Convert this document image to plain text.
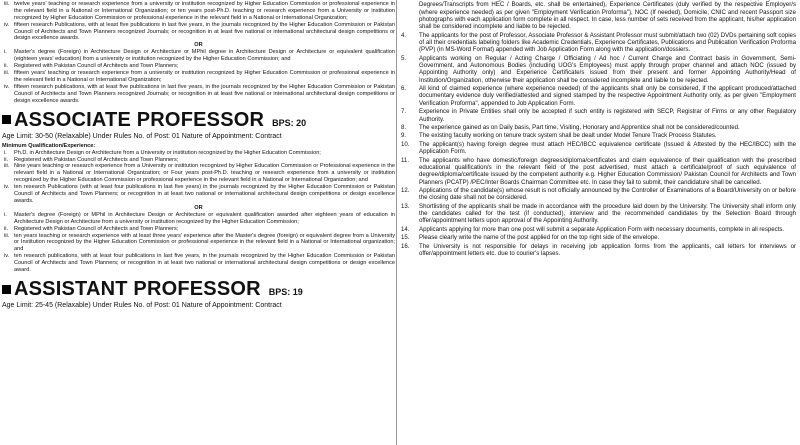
iii. twelve years' teaching or research experience from a university or institution recognized by Higher Education Commission or professional experience in the relevant field in a National or International Organization; or ten years post-Ph.D. teaching or research experience from a University or institution recognized by Higher Education Commission or professional experience in the relevant field in a National or International Organization;
iv. fifteen research Publications, with at least five publications in last five years, in the journals recognized by the Higher Education Commission or Pakistan Council of Architects and Town Planners recognized Journals; or recognition in at least five national or international architectural design competitions or design excellence awards.
OR
i. Master's degree (Foreign) in Architecture Design or Architecture or MPhil degree in Architecture Design or Architecture or equivalent qualification (eighteen years' education) from a university or institution recognized by the Higher Education Commission; and
ii. Registered with Pakistan Council of Architects and Town Planners;
iii. fifteen years' teaching or research experience from a university or institution recognized by Higher Education Commission or professional experience in the relevant field in a National or International Organization;
iv. fifteen research publications, with at least five publications in last five years, in the journals recognized by the Higher Education Commission or Pakistan Council of Architects and Town Planners recognized Journals; or recognition in at least five national or international architectural design competitions or design excellence awards.
ASSOCIATE PROFESSOR BPS: 20
Age Limit: 30-50 (Relaxable) Under Rules No. of Post: 01 Nature of Appointment: Contract
Minimum Qualification/Experience:
i. Ph.D. in Architecture Design or Architecture from a University or institution recognized by the Higher Education Commission;
ii. Registered with Pakistan Council of Architects and Town Planners;
iii. Nine years teaching or research experience from a University or institution recognized by Higher Education Commission or Professional experience in the relevant field in a National or International Organization; or Four years post-Ph.D. teaching or research experience from a university or institution recognized by the Higher Education Commission or professional experience in the relevant field in a National or International Organization; and
iv. ten research Publications (with at least four publications in last five years) in the journals recognized by the Higher Education Commission or Pakistan Council of Architects and Town Planners; or recognition in at least two national or international architectural design competitions or design excellence awards.
OR
i. Master's degree (Foreign) or MPhil in Architecture Design or Architecture or equivalent qualification awarded after eighteen years of education in Architecture Design or Architecture from a university or institution recognized by the Higher Education Commission;
ii. Registered with Pakistan Council of Architects and Town Planners;
iii. ten years teaching or research experience with at least three years' experience after the Master's degree (foreign) or equivalent degree from a University or Institution recognized by the Higher Education Commission or professional experience in the relevant field in a National or International organization; and
iv. ten research publications, with at least four publications in last five years, in the journals recognized by the Higher Education Commission or Pakistan Council of Architects and Town Planners; or recognition in at least two national or international architectural design competitions or design excellence award.
ASSISTANT PROFESSOR BPS: 19
Age Limit: 25-45 (Relaxable) Under Rules No. of Post: 01 Nature of Appointment: Contract
Degrees/Transcripts from HEC / Boards, etc. shall be entertained), Experience Certificates (duly verified by the respective Employer/s (where experience needed) as per given "Employment Verification Proforma"), NOC (If needed), Domicile, CNIC and recent Passport size photographs with each application form complete in all respect. In case, less number of sets received from the applicant, his/her application shall be considered incomplete and liable to be rejected.
4. The applicants for the post of Professor, Associate Professor & Assistant Professor must submit/attach two (02) DVDs pertaining soft copies of all their credentials labeling folders like Academic Credentials, Experience Certificates, Publications and Publication Verification Proforma (PVP) (in MS-Word Format) appended with Job Application Form along with the application/dossiers.
5. Applicants working on Regular / Acting Charge / Officiating / Ad hoc / Current Charge and Contract basis in Government, Semi-Government, and Autonomous Bodies (including UOG's Employees) must apply through proper channel and attach NOC (issued by Appointing Authority only) and Experience Certificate/s issued from their present and former Appointing Authority/Head of Institution/Organization, otherwise their application shall be considered incomplete and liable to be rejected.
6. All kind of claimed experience (where experience needed) of the applicants shall only be considered, if the applicant produced/attached documentary evidence duly verified/attested and signed stamped by the respective Appointment Authority only, as per given "Employment Verification Proforma", appended to Job Application Form.
7. Experience in Private Entities shall only be accepted if such entity is registered with SECP, Registrar of Firms or any other Regulatory Authority.
8. The experience gained as on Daily basis, Part time, Visiting, Honorary and Apprentice shall not be considered/counted.
9. The existing faculty working on tenure track system shall be dealt under Model Tenure Track Process Statutes.
10. The applicant(s) having foreign degree must attach HEC/IBCC equivalence certificate (Issued & Attested by the HEC/IBCC) with the Application Form.
11. The applicants who have domestic/foreign degrees/diploma/certificates and claim equivalence of their qualification with the prescribed educational qualification/s in the relevant field of the post advertised, must attach a certificate/proof of such equivalence of degree/diploma/certificate issued by the competent authority e.g. Higher Education Commission/ Pakistan Council for Architects and Town Planners (PCATP) /PEC/Inter Boards Chairman Committee etc. In case they fail to submit, their candidature shall be cancelled.
12. Applications of the candidate(s) whose result is not officially announced by the Controller of Examinations of a Board/University on or before the closing date shall not be considered.
13. Shortlisting of the applicants shall be made in accordance with the procedure laid down by the University. The University shall inform only the candidates called for the test (if conducted), interview and the recommended candidates by the Selection Board through offer/appointment letters upon approval of the Appointing Authority.
14. Applicants applying for more than one post will submit a separate Application Form with necessary documents, complete in all respects.
15. Please clearly write the name of the post applied for on the top right side of the envelope.
16. The University is not responsible for delays in receiving job application forms from the applicants, call letters for interviews or offer/appointment letters etc. due to courier's lapses.
